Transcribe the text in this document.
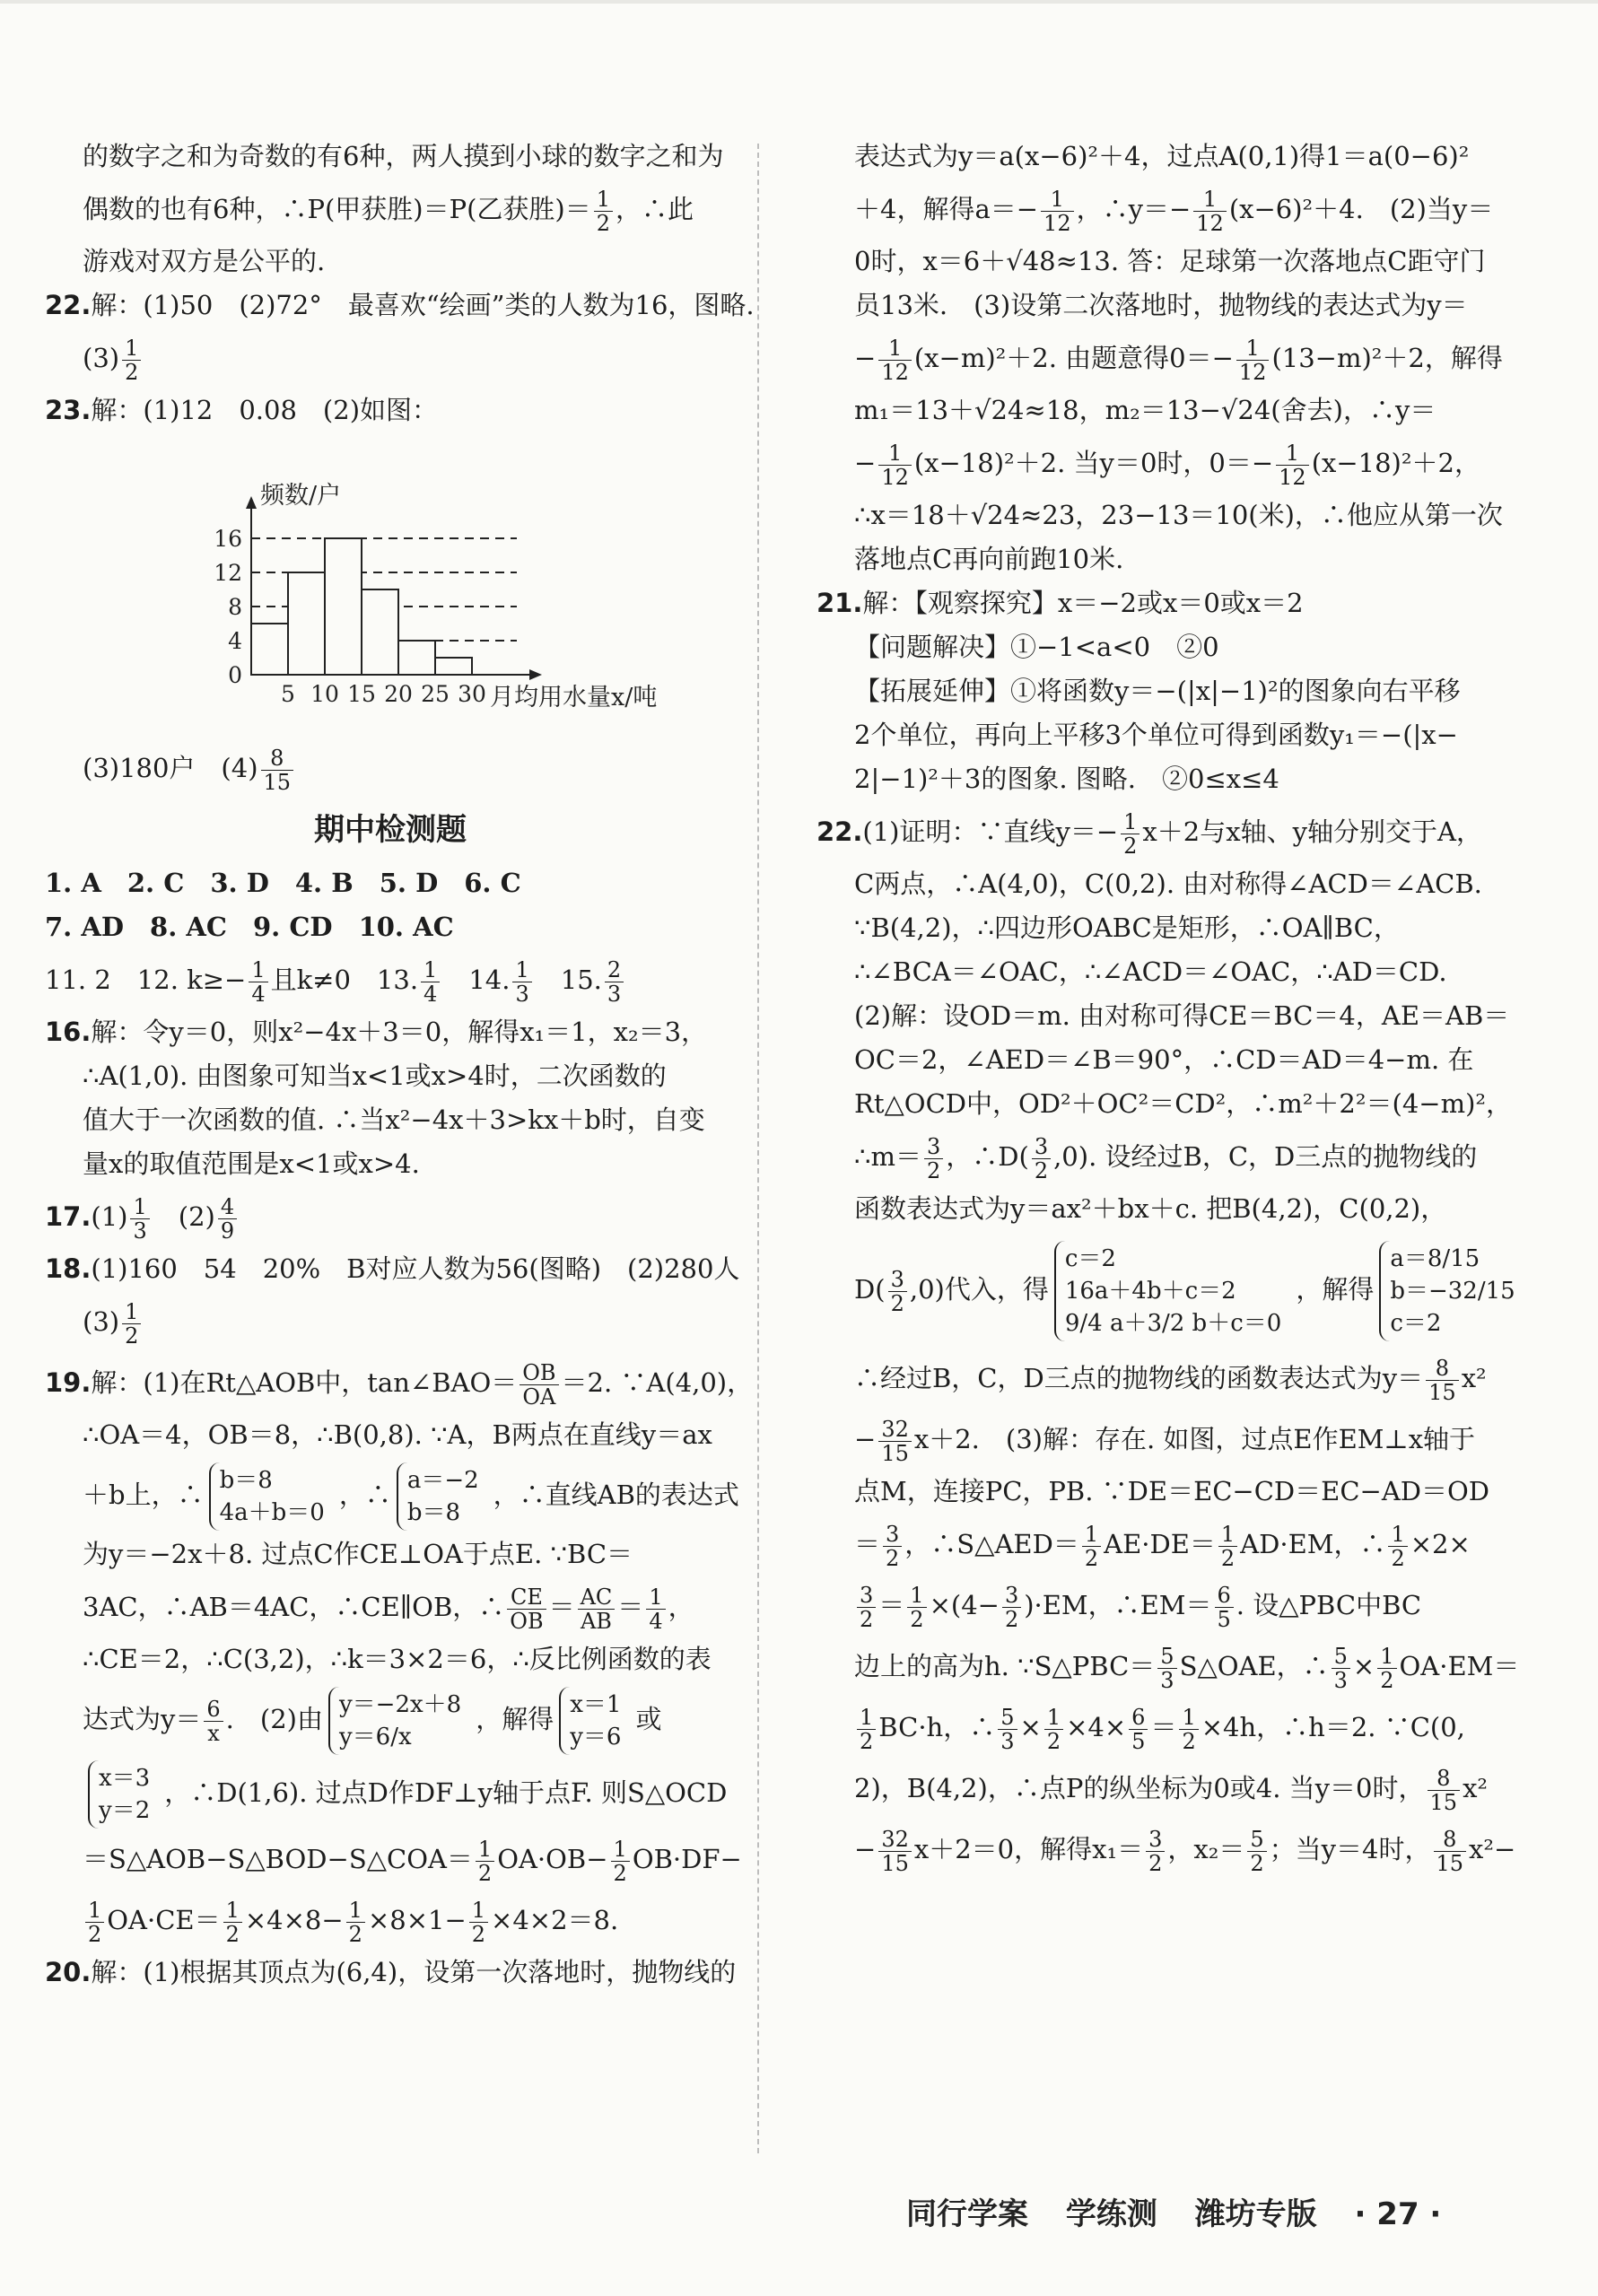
的数字之和为奇数的有6种，两人摸到小球的数字之和为
偶数的也有6种，∴P(甲获胜)＝P(乙获胜)＝ $\frac{1}{2}$ ，∴此
游戏对双方是公平的.
22.解：(1)50　(2)72°　最喜欢“绘画”类的人数为16，图略.
$(3) \frac{1}{2}$
23.解：(1)12　0.08　(2)如图：
5 10 15 20 25 30
0
4
8
12
16
频数/户
月均用水量x/吨
(3)180户　$(4) \frac{8}{15}$
期中检测题
1. A　2. C　3. D　4. B　5. D　6. C
7. AD　8. AC　9. CD　10. AC
11. 2　12. $k\ge- \frac{1}{4}$ 且k≠0　13. $\frac{1}{4}$
　 14. $\frac{1}{3}$
　 15. $\frac{2}{3}$
16.解：令y＝0，则x²−4x＋3＝0，解得x₁＝1，x₂＝3，
∴A(1,0). 由图象可知当x<1或x>4时，二次函数的
值大于一次函数的值. ∴当x²−4x＋3>kx＋b时，自变
量x的取值范围是x<1或x>4.
$17.(1) \frac{1}{3}$
　 $(2) \frac{4}{9}$
18.(1)160　54　20%　B对应人数为56(图略)　(2)280人
$(3) \frac{1}{2}$
19.解：(1)在Rt△AOB中，tan∠BAO＝ $\frac{OB}{OA} =2$. ∵A(4,0)，
∴OA＝4，OB＝8，∴B(0,8). ∵A，B两点在直线y＝ax
＋b上，∴ b＝8
4a＋b＝0
，∴ a＝−2
b＝8
，∴直线AB的表达式
为y＝−2x＋8. 过点C作CE⊥OA于点E. ∵BC＝
3AC，∴AB＝4AC，∴CE∥OB，∴ $\frac{CE}{OB} = \frac{AC}{AB} = \frac{1}{4}$ ，
∴CE＝2，∴C(3,2)，∴k＝3×2＝6，∴反比例函数的表
达式为$y= \frac{6}{x}$ .　(2)由 y＝−2x＋8
y＝6/x
，解得 x＝1
y＝6
或
x＝3
y＝2
，∴D(1,6). 过点D作DF⊥y轴于点F. 则S△OCD
＝S△AOB−S△BOD−S△COA＝ $\frac{1}{2} OA\cdot OB- \frac{1}{2} OB\cdot DF-$
$\frac{1}{2} OA\cdot CE= \frac{1}{2} \times 4\times 8- \frac{1}{2} \times 8\times 1- \frac{1}{2} \times 4\times 2=8$.
20.解：(1)根据其顶点为(6,4)，设第一次落地时，抛物线的
表达式为y＝a(x−6)²＋4，过点A(0,1)得1＝a(0−6)²
＋4，解得$a=- \frac{1}{12}$ ，∴y＝− $\frac{1}{12} (x-6)^2+4$.　(2)当y＝
0时，x＝6＋√48≈13. 答：足球第一次落地点C距守门
员13米.　(3)设第二次落地时，抛物线的表达式为y＝
− $\frac{1}{12} (x-m)^2+2$. 由题意得$0=- \frac{1}{12} (13-m)^2+2$，解得
m₁＝13＋√24≈18，m₂＝13−√24(舍去)，∴y＝
− $\frac{1}{12} (x-18)^2+2$. 当y＝0时，$0=- \frac{1}{12} (x-18)^2+2$，
∴x＝18＋√24≈23，23−13＝10(米)，∴他应从第一次
落地点C再向前跑10米.
21.解：【观察探究】x＝−2或x＝0或x＝2
【问题解决】①−1<a<0　②0
【拓展延伸】①将函数y＝−(|x|−1)²的图象向右平移
2个单位，再向上平移3个单位可得到函数y₁＝−(|x−
2|−1)²＋3的图象. 图略.　②0≤x≤4
22.(1)证明：∵直线$y=- \frac{1}{2} x+2$与x轴、y轴分别交于A，
C两点，∴A(4,0)，C(0,2). 由对称得∠ACD＝∠ACB.
∵B(4,2)，∴四边形OABC是矩形，∴OA∥BC，
∴∠BCA＝∠OAC，∴∠ACD＝∠OAC，∴AD＝CD.
(2)解：设OD＝m. 由对称可得CE＝BC＝4，AE＝AB＝
OC＝2，∠AED＝∠B＝90°，∴CD＝AD＝4−m. 在
Rt△OCD中，OD²＋OC²＝CD²，∴m²＋2²＝(4−m)²，
∴m＝ $\frac{3}{2}$ ，∴D( $\frac{3}{2} ,0$). 设经过B，C，D三点的抛物线的
函数表达式为y＝ax²＋bx＋c. 把B(4,2)，C(0,2)，
$D( \frac{3}{2} ,0)$代入，得
c＝2
16a＋4b＋c＝2
9/4 a＋3/2 b＋c＝0
，解得
a＝8/15
b＝−32/15
c＝2
∴经过B，C，D三点的抛物线的函数表达式为$y= \frac{8}{15} x^2$
− $\frac{32}{15} x+2$.　(3)解：存在. 如图，过点E作EM⊥x轴于
点M，连接PC，PB. ∵DE＝EC−CD＝EC−AD＝OD
＝ $\frac{3}{2}$ ，∴S△AED＝ $\frac{1}{2} AE\cdot DE= \frac{1}{2} AD\cdot EM$，∴ $\frac{1}{2} \times 2\times$
$\frac{3}{2} = \frac{1}{2} \times(4- \frac{3}{2} )\cdot EM$，∴EM＝ $\frac{6}{5}$ . 设△PBC中BC
边上的高为h. ∵S△PBC＝ $\frac{5}{3}$ S△OAE，∴ $\frac{5}{3} \times \frac{1}{2} OA\cdot EM=$
$\frac{1}{2} BC\cdot h$，∴ $\frac{5}{3} \times \frac{1}{2} \times 4\times \frac{6}{5} = \frac{1}{2} \times 4h$，∴h＝2. ∵C(0,
2)，B(4,2)，∴点P的纵坐标为0或4. 当y＝0时， $\frac{8}{15} x^2$
− $\frac{32}{15} x+2=0$，解得$x_1= \frac{3}{2}$ ，$x_2= \frac{5}{2}$ ；当y＝4时， $\frac{8}{15} x^2-$
同行学案 学练测 潍坊专版 · 27 ·
